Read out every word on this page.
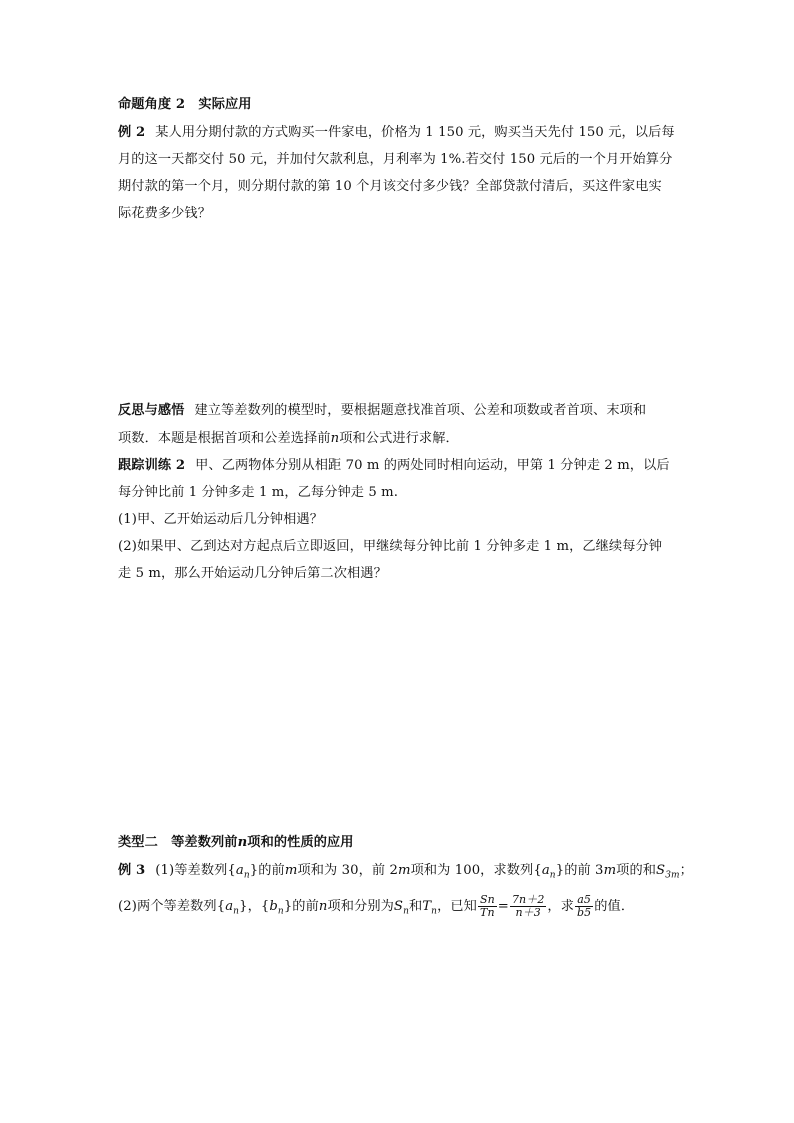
命题角度 2　实际应用
例 2 某人用分期付款的方式购买一件家电，价格为 1 150 元，购买当天先付 150 元，以后每
月的这一天都交付 50 元，并加付欠款利息，月利率为 1%.若交付 150 元后的一个月开始算分
期付款的第一个月，则分期付款的第 10 个月该交付多少钱？全部贷款付清后，买这件家电实
际花费多少钱？
反思与感悟 建立等差数列的模型时，要根据题意找准首项、公差和项数或者首项、末项和
项数．本题是根据首项和公差选择前n项和公式进行求解．
跟踪训练 2 甲、乙两物体分别从相距 70 m 的两处同时相向运动，甲第 1 分钟走 2 m，以后
每分钟比前 1 分钟多走 1 m，乙每分钟走 5 m.
(1)甲、乙开始运动后几分钟相遇？
(2)如果甲、乙到达对方起点后立即返回，甲继续每分钟比前 1 分钟多走 1 m，乙继续每分钟
走 5 m，那么开始运动几分钟后第二次相遇？
类型二　等差数列前n项和的性质的应用
例 3 (1)等差数列$\{a_n\}$的前m项和为 30，前 2m项和为 100，求数列$\{a_n\}$的前 3m项的和$S_{3m}$；
(2)两个等差数列$\{a_n\}$，$\{b_n\}$的前n项和分别为$S_n$和$T_n$，已知 $\frac{Sn}{Tn} = \frac{7n+2}{n+3}$ ，求 $\frac{a5}{b5}$ 的值．
